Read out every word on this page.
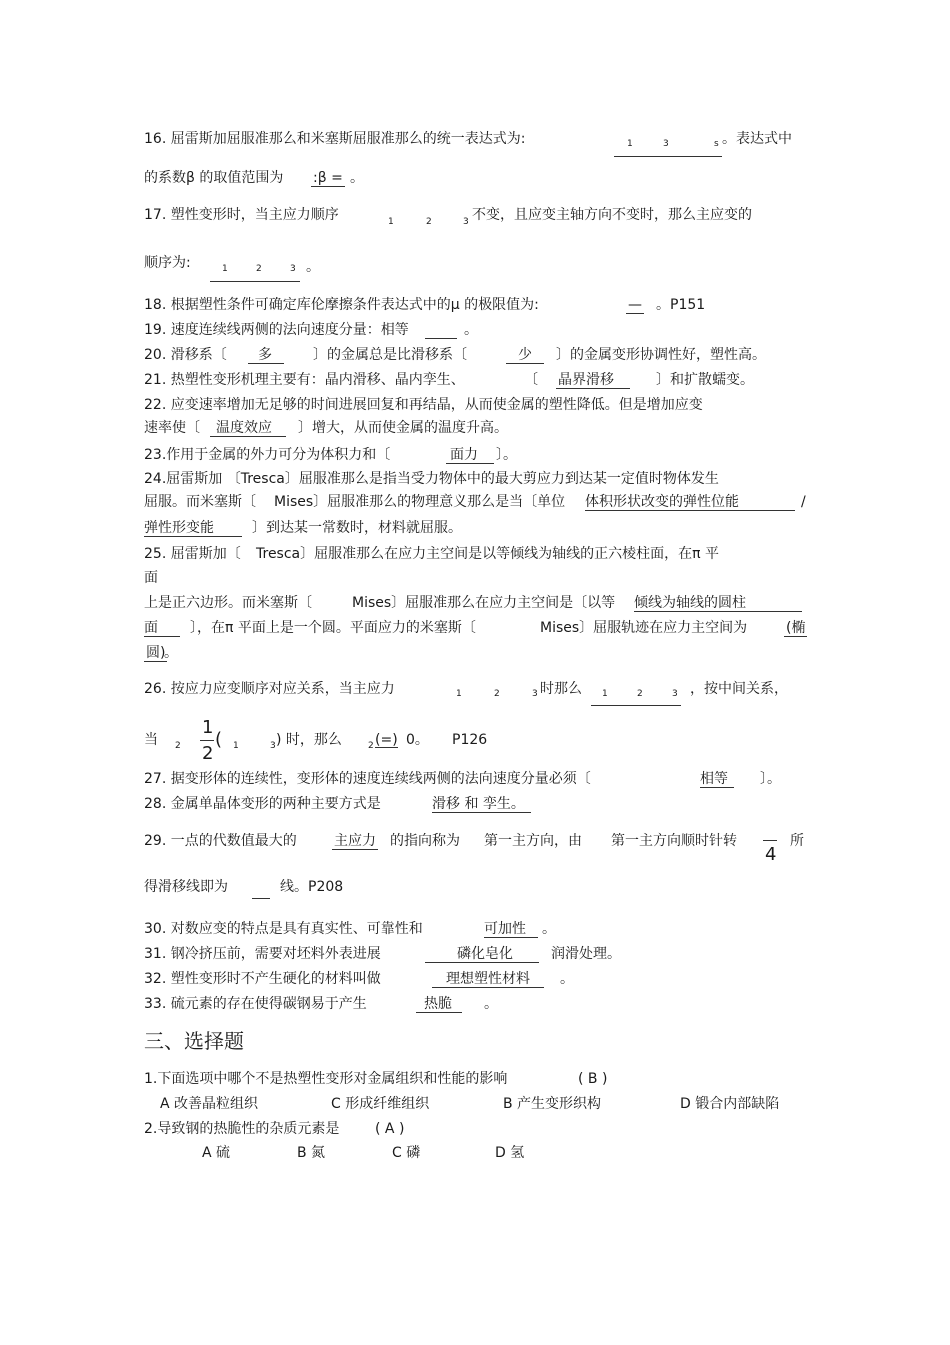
16. 屈雷斯加屈服准那么和米塞斯屈服准那么的统一表达式为:	1	3	s 。表达式中
的系数β 的取值范围为 :β = 。
17. 塑性变形时，当主应力顺序	1	2	3 不变，且应变主轴方向不变时，那么主应变的
顺序为:	1	2	3 。
18. 根据塑性条件可确定库伦摩擦条件表达式中的μ 的极限值为:	— 。P151
19. 速度连续线两侧的法向速度分量：相等	。
20. 滑移系〔	多	〕的金属总是比滑移系〔	少	〕的金属变形协调性好，塑性高。
21. 热塑性变形机理主要有：晶内滑移、晶内孪生、	〔 晶界滑移	〕和扩散蠕变。
22. 应变速率增加无足够的时间进展回复和再结晶，从而使金属的塑性降低。但是增加应变
速率使〔	温度效应	〕增大，从而使金属的温度升高。
23.作用于金属的外力可分为体积力和〔	面力	〕。
24.屈雷斯加 〔Tresca〕屈服准那么是指当受力物体中的最大剪应力到达某一定值时物体发生
屈服。而米塞斯〔 Mises〕屈服准那么的物理意义那么是当〔单位 体积形状改变的弹性位能	/
弹性形变能	〕到达某一常数时，材料就屈服。
25. 屈雷斯加〔 Tresca〕屈服准那么在应力主空间是以等倾线为轴线的正六棱柱面，在π 平
面
上是正六边形。而米塞斯〔	Mises〕屈服准那么在应力主空间是〔以等 倾线为轴线的圆柱
面	〕，在π 平面上是一个圆。平面应力的米塞斯〔	Mises〕屈服轨迹在应力主空间为	(椭
圆)
。
26. 按应力应变顺序对应关系，当主应力	1	2	3 时那么 1	2	3 ，按中间关系，
当 2
1
2
( 1	3 ) 时，那么	2 (=) 0。 P126
27. 据变形体的连续性，变形体的速度连续线两侧的法向速度分量必须〔	相等	〕。
28. 金属单晶体变形的两种主要方式是	滑移 和 孪生。
29. 一点的代数值最大的	主应力 的指向称为 第一主方向，由 第一主方向顺时针转
4
所
得滑移线即为	线。P208
30. 对数应变的特点是具有真实性、可靠性和	可加性	。
31. 钢冷挤压前，需要对坯料外表进展	磷化皂化	润滑处理。
32. 塑性变形时不产生硬化的材料叫做	理想塑性材料	。
33. 硫元素的存在使得碳钢易于产生	热脆	。
三、选择题
1.下面选项中哪个不是热塑性变形对金属组织和性能的影响	( B )
A 改善晶粒组织	C 形成纤维组织	B 产生变形织构	D 锻合内部缺陷
2.导致钢的热脆性的杂质元素是	( A )
A 硫	B 氮	C 磷	D 氢
